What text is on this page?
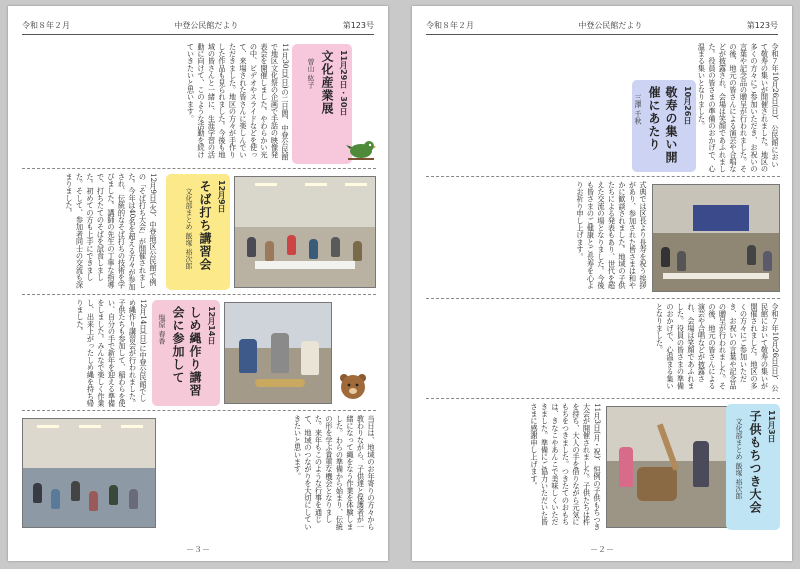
令和８年２月	中登公民館だより	第123号
11月30日(日)の二日間、中登公民館で地区文化祭の企画で手話の映像発表会を開催しました。やわらかい光の中、ビデオやスライドなどを使って、来場された皆さんに楽しんでいただきました。地区の方々が手作りした作品も見られました。今後も地域の皆さんと一緒に、生涯学習の活動に向けて、このような活動を続けていきたいと思います。	11月29日・30日
文化産業展
曽山 紘子
12月9日(火)、中登地区公民館で例の「そば打ち大会」が開催されました。今年は40名を超える方々が参加され、伝統的なそば打ちの技術を学びました。講師の先生の丁寧な指導で、打ちたてのそばを試食しました。初めての方も上手にできました。そして、参加者同士の交流も深まりました。	12月9日
そば打ち講習会
文化部まとめ 飯塚 裕次郎
12月14日(日)に中登公民館でしめ縄作り講習会が行われました。子供たちも参加して、稲わらを使い、自分の手で新年を迎える準備をしました。みんなで楽しく作業し、出来上がったしめ縄を持ち帰りました。	12月14日
しめ縄作り講習会に参加して
塩原 春香
当日は、地域のお年寄りの方々から教わりながら、子供達と保護者が一緒になって縄をなう作業を体験しました。わらの準備から始まり、伝統の形を学ぶ貴重な機会となりました。来年もこのような行事を通じて、地域のつながりを大切にしていきたいと思います。
－３－
令和８年２月	中登公民館だより	第123号
令和７年10月26日(日)、公民館において敬寿の集いが開催されました。地区の多くの方々にご参加いただき、お祝いの言葉や記念品の贈呈が行われました。その後、地元の皆さんによる演芸や合唱などが披露され、会場は笑顔であふれました。役員の皆さまの準備のおかげで、心温まる集いとなりました。
10月26日
敬寿の集い開催にあたり
三澤 千秋
式典では区長より長寿を祝う挨拶があり、参加された皆さまは和やかに歓談されました。地域の子供たちによる発表もあり、世代を超えた交流の場となりました。今後も皆さまのご健康とご長寿を心よりお祈り申し上げます。
令和７年10月26日(日)、公民館において敬寿の集いが開催されました。地区の多くの方々にご参加いただき、お祝いの言葉や記念品の贈呈が行われました。その後、地元の皆さんによる演芸や合唱などが披露され、会場は笑顔であふれました。役員の皆さまの準備のおかげで、心温まる集いとなりました。
11月3日(月・祝)、恒例の子供もちつき大会が開催されました。子供たちは杵を持ち、大人の手を借りながら元気にもちをつきました。つきたてのおもちは、きなこやあんこで美味しくいただきました。準備にご協力いただいた皆さまに感謝申し上げます。	11月3日
子供もちつき大会
文化部まとめ 飯塚 裕次郎
－２－
